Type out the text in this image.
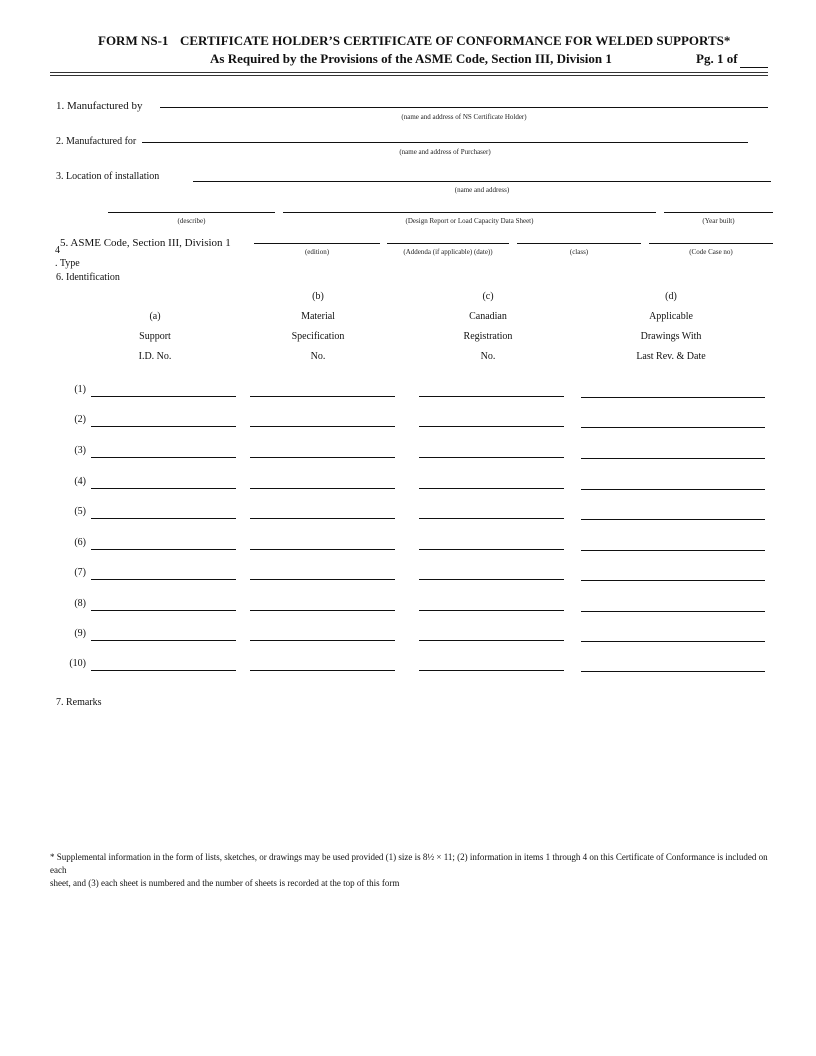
FORM NS-1 CERTIFICATE HOLDER’S CERTIFICATE OF CONFORMANCE FOR WELDED SUPPORTS*
As Required by the Provisions of the ASME Code, Section III, Division 1	Pg. 1 of
1. Manufactured by
(name and address of NS Certificate Holder)
2. Manufactured for
(name and address of Purchaser)
3. Location of installation
(name and address)
(describe)	(Design Report or Load Capacity Data Sheet)	(Year built)
5. ASME Code, Section III, Division 1
4
. Type
(edition)	(Addenda (if applicable) (date))	(class)	(Code Case no)
6. Identification
(a)
Support
I.D. No.
(b)
Material
Specification
No.
(c)
Canadian
Registration
No.
(d)
Applicable
Drawings With
Last Rev. & Date
(1)
(2)
(3)
(4)
(5)
(6)
(7)
(8)
(9)
(10)
7. Remarks
* Supplemental information in the form of lists, sketches, or drawings may be used provided (1) size is 8½ × 11; (2) information in items 1 through 4 on this Certificate of Conformance is included on each
sheet, and (3) each sheet is numbered and the number of sheets is recorded at the top of this form
